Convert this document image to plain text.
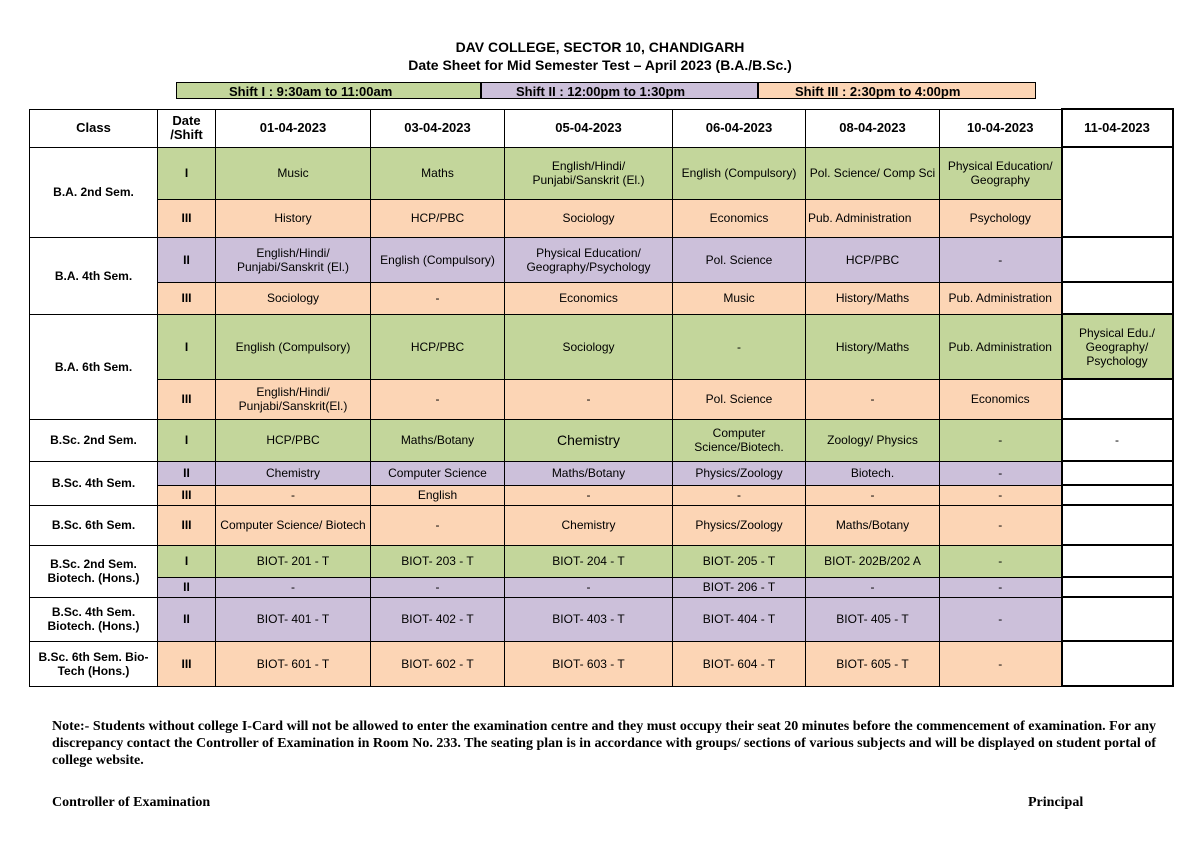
DAV COLLEGE, SECTOR 10, CHANDIGARH
Date Sheet for Mid Semester Test – April 2023 (B.A./B.Sc.)
Shift I : 9:30am to 11:00am	Shift II : 12:00pm to 1:30pm	Shift III : 2:30pm to 4:00pm
Class	Date /Shift	01-04-2023	03-04-2023	05-04-2023	06-04-2023	08-04-2023	10-04-2023	11-04-2023
B.A. 2nd Sem.	I	Music	Maths	English/Hindi/ Punjabi/Sanskrit (El.)	English (Compulsory)	Pol. Science/ Comp Sci	Physical Education/ Geography	
	III	History	HCP/PBC	Sociology	Economics	Pub. Administration	Psychology	
B.A. 4th Sem.	II	English/Hindi/ Punjabi/Sanskrit (El.)	English (Compulsory)	Physical Education/ Geography/Psychology	Pol. Science	HCP/PBC	-	
	III	Sociology	-	Economics	Music	History/Maths	Pub. Administration	
B.A. 6th Sem.	I	English (Compulsory)	HCP/PBC	Sociology	-	History/Maths	Pub. Administration	Physical Edu./ Geography/ Psychology
	III	English/Hindi/ Punjabi/Sanskrit(El.)	-	-	Pol. Science	-	Economics	
B.Sc. 2nd Sem.	I	HCP/PBC	Maths/Botany	Chemistry	Computer Science/Biotech.	Zoology/ Physics	-	-
B.Sc. 4th Sem.	II	Chemistry	Computer Science	Maths/Botany	Physics/Zoology	Biotech.	-	
	III	-	English	-	-	-	-	
B.Sc. 6th Sem.	III	Computer Science/ Biotech	-	Chemistry	Physics/Zoology	Maths/Botany	-	
B.Sc. 2nd Sem. Biotech. (Hons.)	I	BIOT- 201 - T	BIOT- 203 - T	BIOT- 204 - T	BIOT- 205 - T	BIOT- 202B/202 A	-	
	II	-	-	-	BIOT- 206 - T	-	-	
B.Sc. 4th Sem. Biotech. (Hons.)	II	BIOT- 401 - T	BIOT- 402 - T	BIOT- 403 - T	BIOT- 404 - T	BIOT- 405 - T	-	
B.Sc. 6th Sem. Bio-Tech (Hons.)	III	BIOT- 601 - T	BIOT- 602 - T	BIOT- 603 - T	BIOT- 604 - T	BIOT- 605 - T	-	
Note:- Students without college I-Card will not be allowed to enter the examination centre and they must occupy their seat 20 minutes before the commencement of examination. For any discrepancy contact the Controller of Examination in Room No. 233. The seating plan is in accordance with groups/ sections of various subjects and will be displayed on student portal of college website.
Controller of Examination	Principal
